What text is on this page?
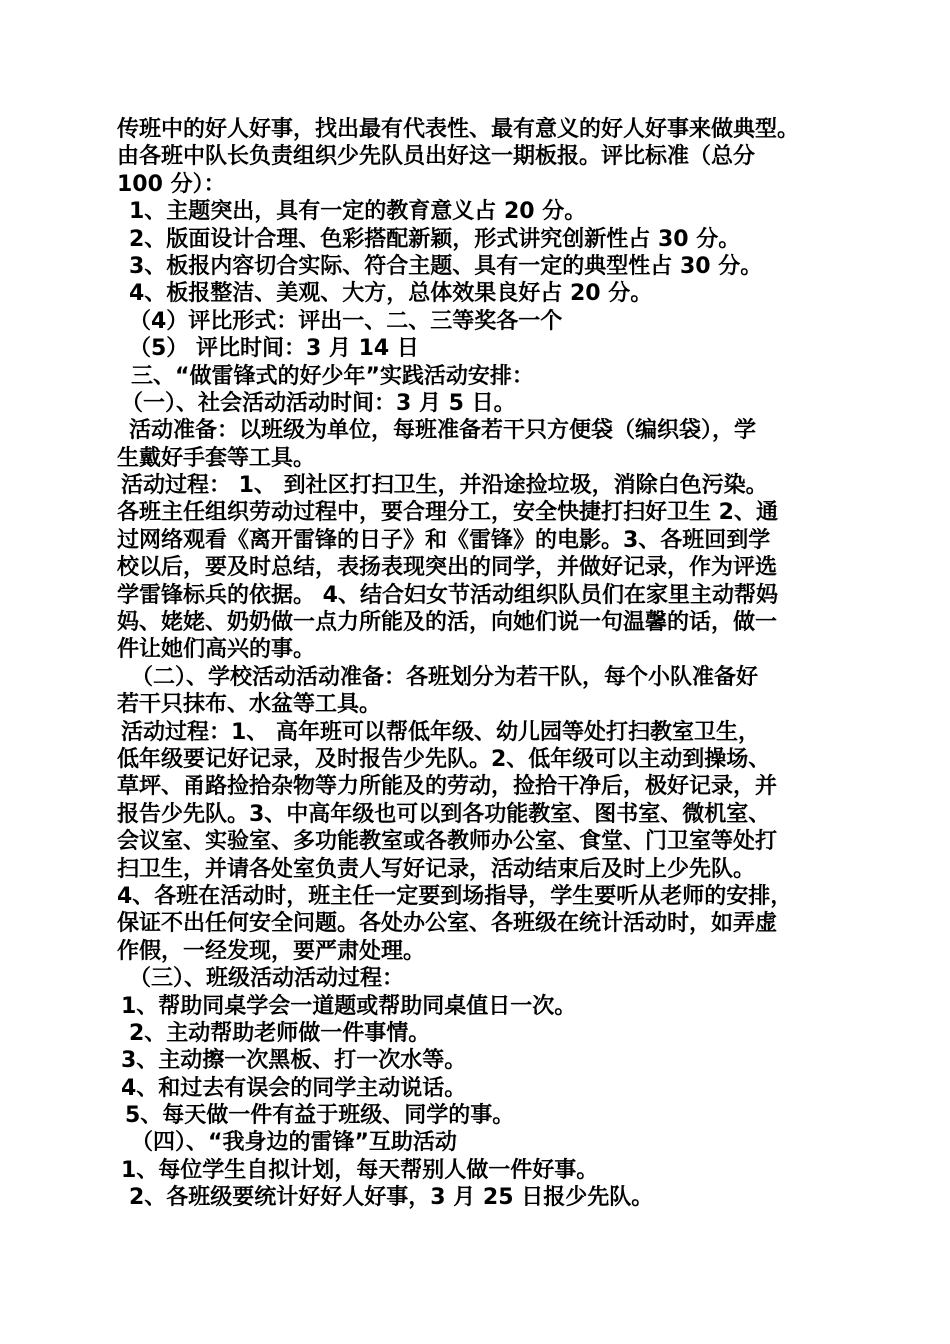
传班中的好人好事，找出最有代表性、最有意义的好人好事来做典型。
由各班中队长负责组织少先队员出好这一期板报。评比标准（总分
100 分）：
1、主题突出，具有一定的教育意义占 20 分。
2、版面设计合理、色彩搭配新颖，形式讲究创新性占 30 分。
3、板报内容切合实际、符合主题、具有一定的典型性占 30 分。
4、板报整洁、美观、大方，总体效果良好占 20 分。
（4）评比形式：评出一、二、三等奖各一个
（5） 评比时间：3 月 14 日
三、“做雷锋式的好少年”实践活动安排：
（一）、社会活动活动时间：3 月 5 日。
活动准备：以班级为单位，每班准备若干只方便袋（编织袋），学
生戴好手套等工具。
活动过程： 1、 到社区打扫卫生，并沿途捡垃圾，消除白色污染。
各班主任组织劳动过程中，要合理分工，安全快捷打扫好卫生 2、通
过网络观看《离开雷锋的日子》和《雷锋》的电影。3、各班回到学
校以后，要及时总结，表扬表现突出的同学，并做好记录，作为评选
学雷锋标兵的依据。 4、结合妇女节活动组织队员们在家里主动帮妈
妈、姥姥、奶奶做一点力所能及的活，向她们说一句温馨的话，做一
件让她们高兴的事。
（二）、学校活动活动准备：各班划分为若干队，每个小队准备好
若干只抹布、水盆等工具。
活动过程：1、 高年班可以帮低年级、幼儿园等处打扫教室卫生，
低年级要记好记录，及时报告少先队。2、低年级可以主动到操场、
草坪、甬路捡拾杂物等力所能及的劳动，捡拾干净后，极好记录，并
报告少先队。3、中高年级也可以到各功能教室、图书室、微机室、
会议室、实验室、多功能教室或各教师办公室、食堂、门卫室等处打
扫卫生，并请各处室负责人写好记录，活动结束后及时上少先队。
4、各班在活动时，班主任一定要到场指导，学生要听从老师的安排，
保证不出任何安全问题。各处办公室、各班级在统计活动时，如弄虚
作假，一经发现，要严肃处理。
（三）、班级活动活动过程：
1、帮助同桌学会一道题或帮助同桌值日一次。
2、主动帮助老师做一件事情。
3、主动擦一次黑板、打一次水等。
4、和过去有误会的同学主动说话。
5、每天做一件有益于班级、同学的事。
（四）、“我身边的雷锋”互助活动
1、每位学生自拟计划，每天帮别人做一件好事。
2、各班级要统计好好人好事，3 月 25 日报少先队。
